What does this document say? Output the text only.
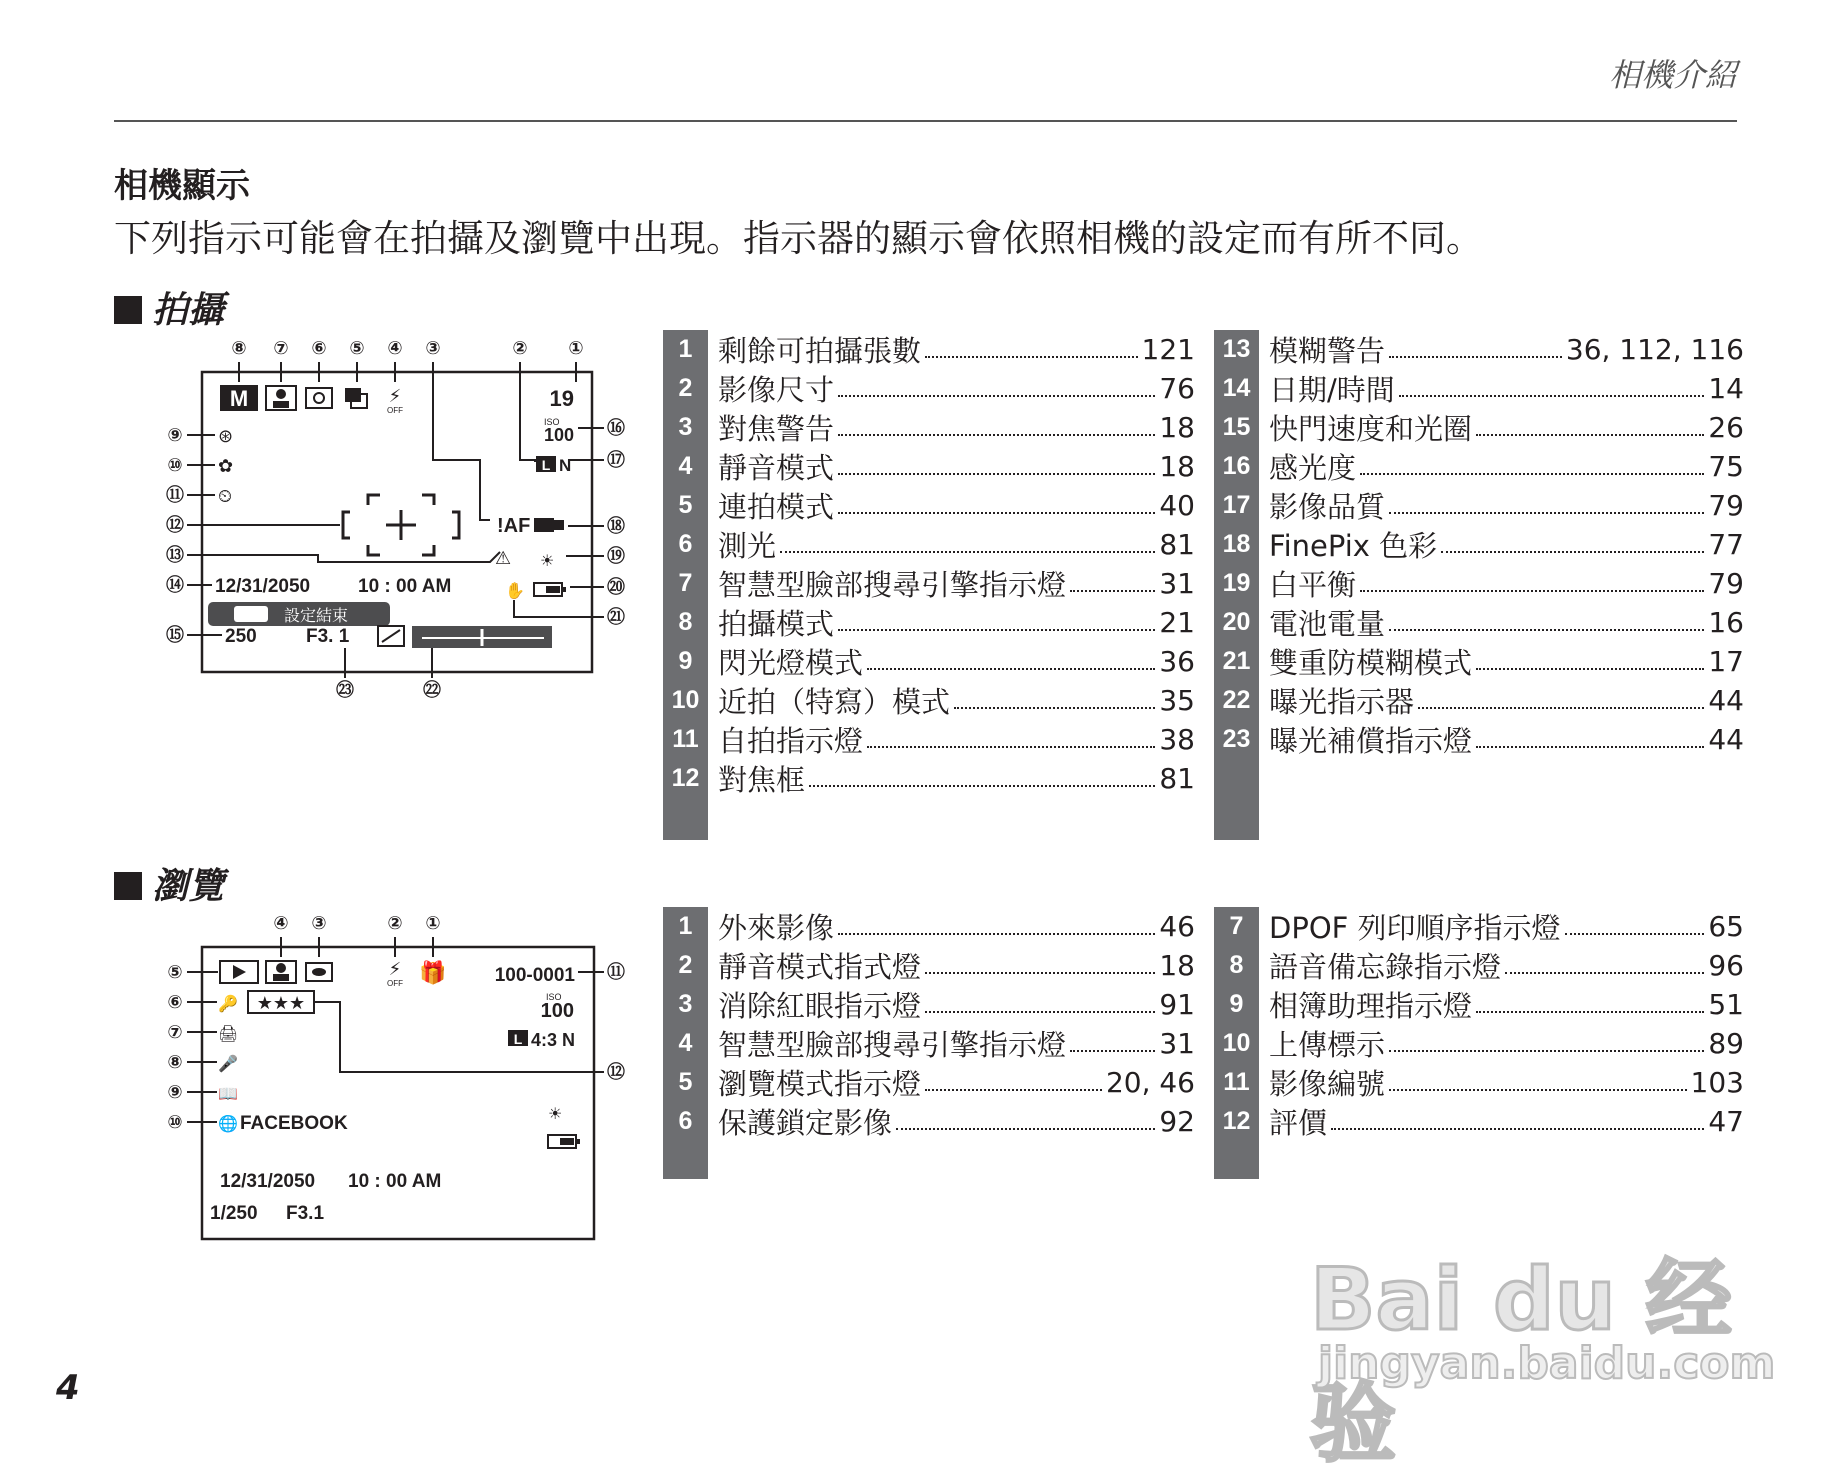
相機介紹
相機顯示
下列指示可能會在拍攝及瀏覽中出現。指示器的顯示會依照相機的設定而有所不同。
拍攝
⑧ ⑦ ⑥ ⑤ ④ ③	② ①
M	⚡
OFF	19
⑨
⑩
⑪
⑫
⑬
⑭
⑮
⊛
✿
⏲
ISO
100
L N
!AF
⚠ ☀
✋
⑯
⑰
⑱
⑲
⑳
㉑
12/31/2050	10 : 00 AM
設定結束
250	F3. 1
㉒
㉓
1 剩餘可拍攝張數	121
2 影像尺寸	76
3 對焦警告	18
4 靜音模式	18
5 連拍模式	40
6 測光	81
7 智慧型臉部搜尋引擎指示燈	31
8 拍攝模式	21
9 閃光燈模式	36
10 近拍（特寫）模式	35
11 自拍指示燈	38
12 對焦框	81
13 模糊警告	36, 112, 116
14 日期/時間	14
15 快門速度和光圈	26
16 感光度	75
17 影像品質	79
18 FinePix 色彩	77
19 白平衡	79
20 電池電量	16
21 雙重防模糊模式	17
22 曝光指示器	44
23 曝光補償指示燈	44
瀏覽
④ ③	② ①
⚡
OFF 🎁	100-0001
ISO
100
L 4:3 N
⑤
⑥
⑦
⑧
⑨
⑩
🔑 ★★★
🖨
🎤
📖
🌐 FACEBOOK
⑪
⑫
☀
12/31/2050 10 : 00 AM
1/250 F3.1
1 外來影像	46
2 靜音模式指式燈	18
3 消除紅眼指示燈	91
4 智慧型臉部搜尋引擎指示燈	31
5 瀏覽模式指示燈	20, 46
6 保護鎖定影像	92
7 DPOF 列印順序指示燈	65
8 語音備忘錄指示燈	96
9 相簿助理指示燈	51
10 上傳標示	89
11 影像編號	103
12 評價	47
4
Bai du 经验
jingyan.baidu.com
